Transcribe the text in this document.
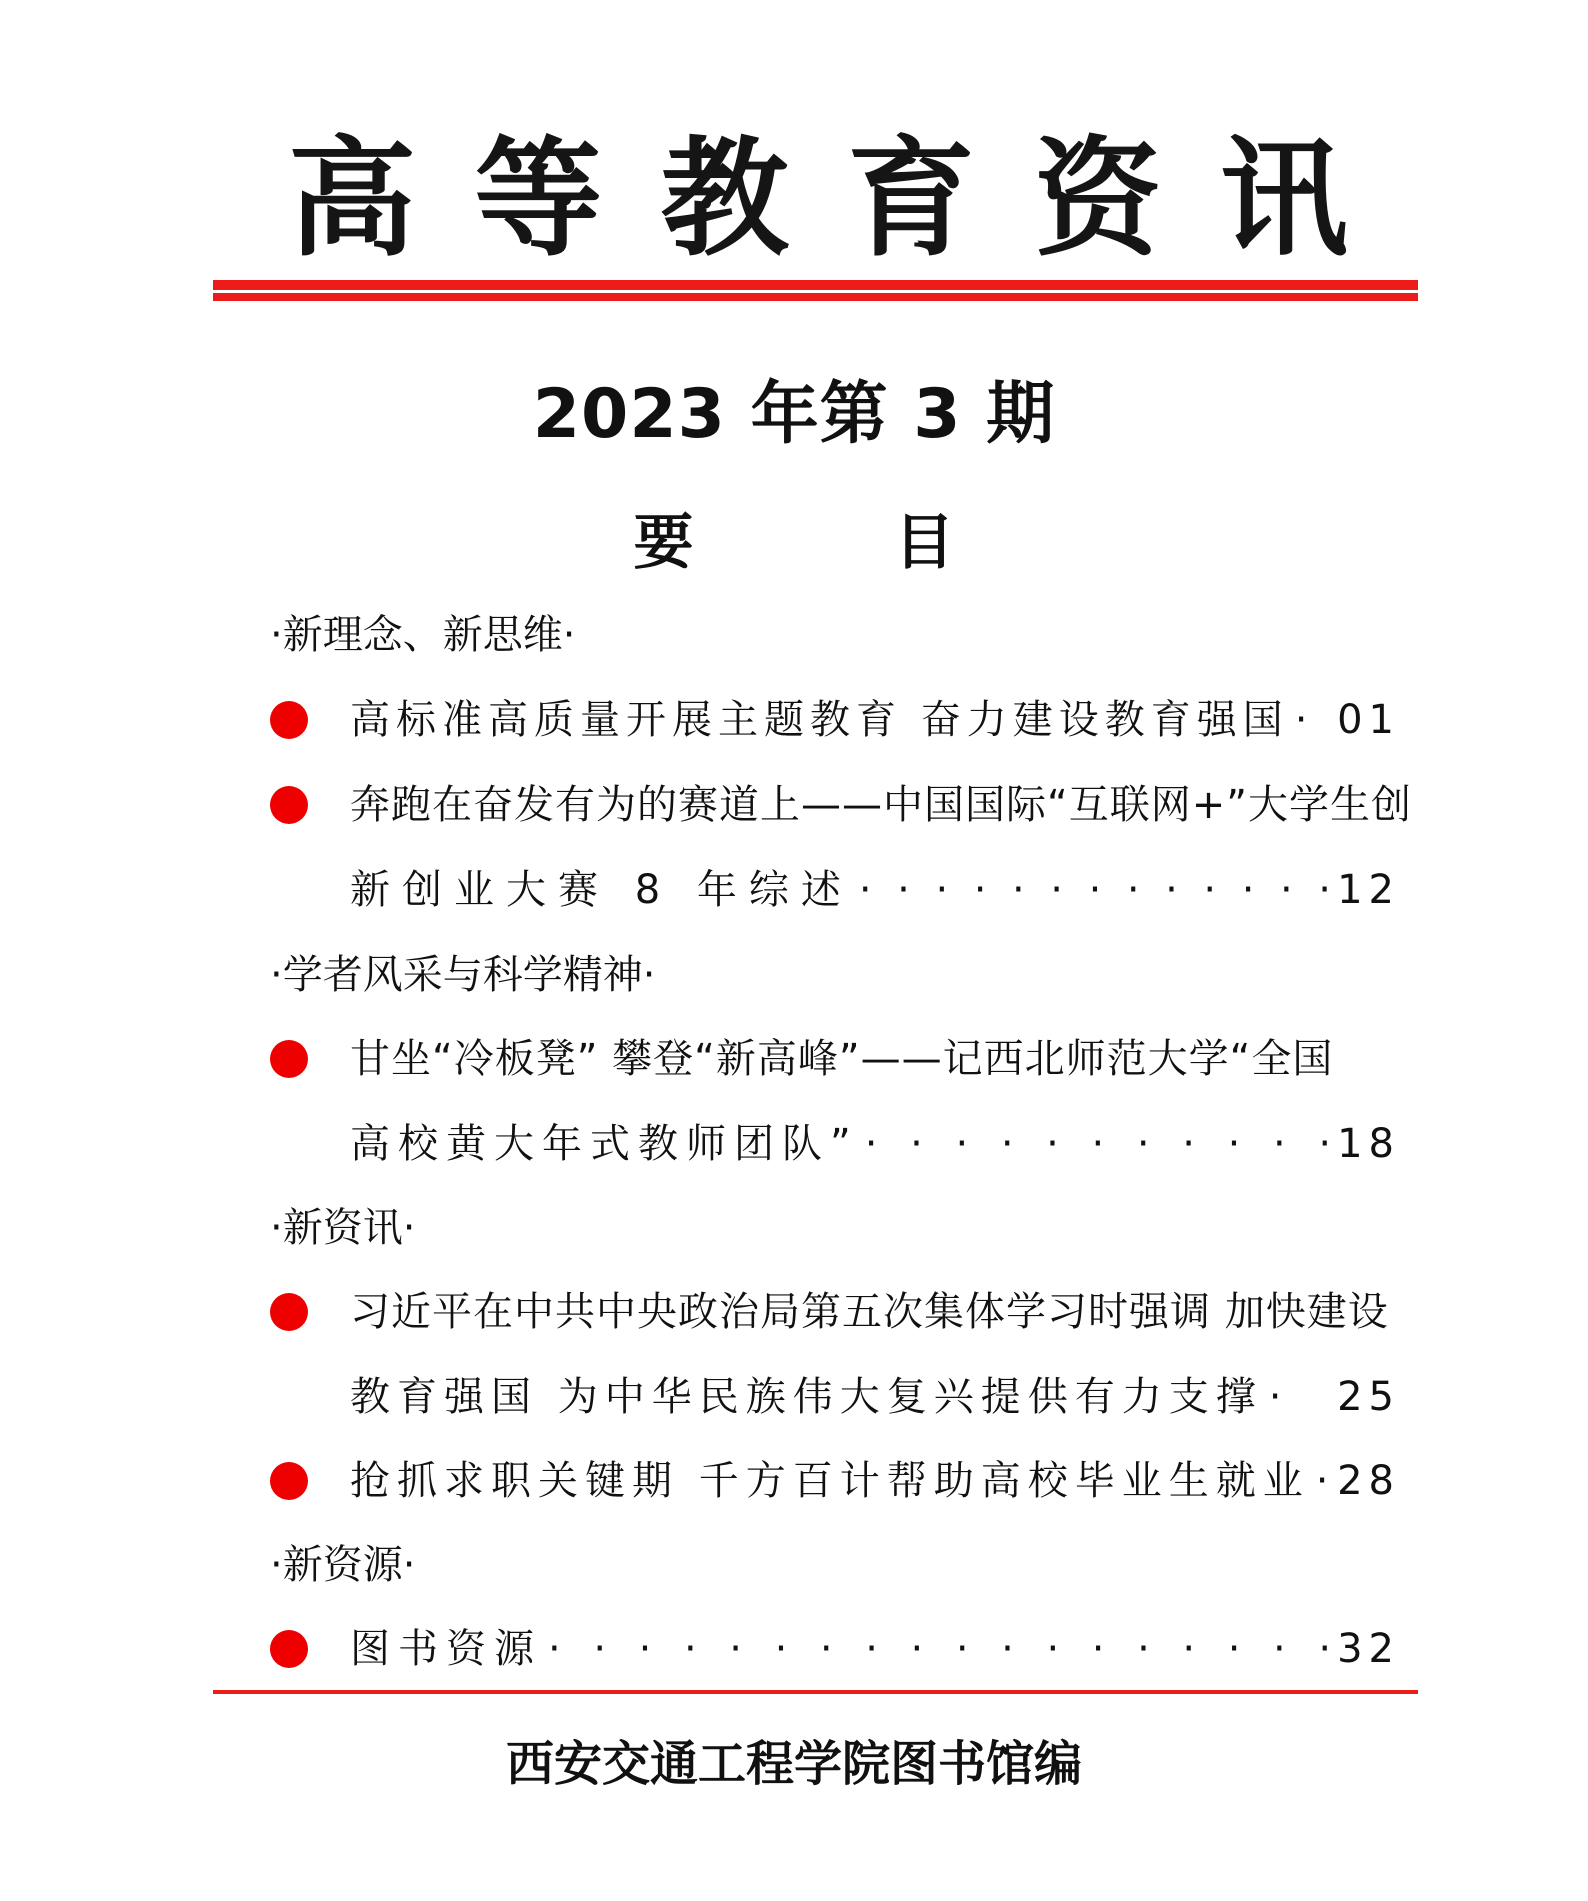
高 等 教 育 资 讯
2023 年第 3 期
要 目
·新理念、新思维·
高标准高质量开展主题教育 奋力建设教育强国 · 01
奔跑在奋发有为的赛道上——中国国际“互联网+”大学生创
新创业大赛 8 年综述 · · · · · · · · · · · · · 12
·学者风采与科学精神·
甘坐“冷板凳” 攀登“新高峰”——记西北师范大学“全国
高校黄大年式教师团队” · · · · · · · · · · · 18
·新资讯·
习近平在中共中央政治局第五次集体学习时强调 加快建设
教育强国 为中华民族伟大复兴提供有力支撑 · 25
抢抓求职关键期 千方百计帮助高校毕业生就业 · 28
·新资源·
图书资源 · · · · · · · · · · · · · · · · · · 32
西安交通工程学院图书馆编
